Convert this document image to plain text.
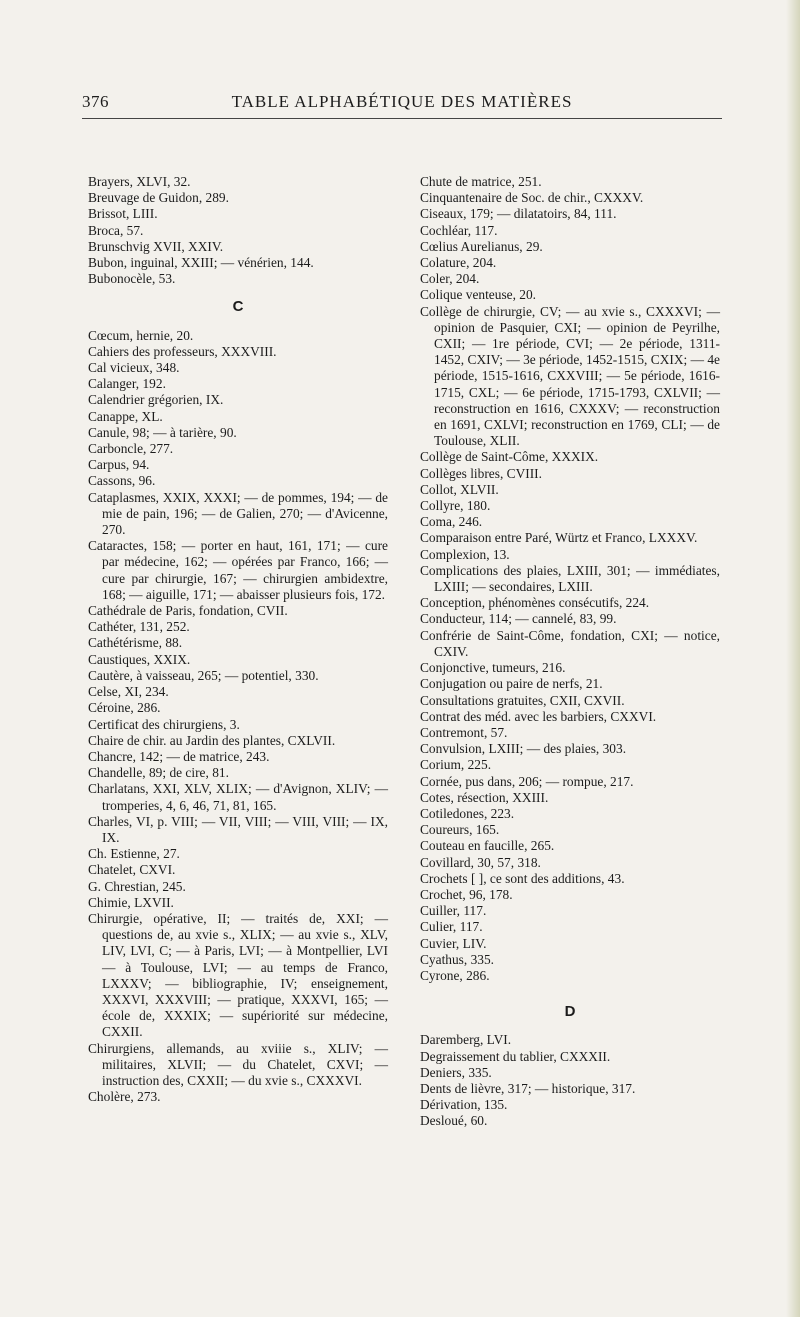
376	TABLE ALPHABÉTIQUE DES MATIÈRES
Brayers, XLVI, 32.
Breuvage de Guidon, 289.
Brissot, LIII.
Broca, 57.
Brunschvig XVII, XXIV.
Bubon, inguinal, XXIII; — vénérien, 144.
Bubonocèle, 53.
C
Cœcum, hernie, 20.
Cahiers des professeurs, XXXVIII.
Cal vicieux, 348.
Calanger, 192.
Calendrier grégorien, IX.
Canappe, XL.
Canule, 98; — à tarière, 90.
Carboncle, 277.
Carpus, 94.
Cassons, 96.
Cataplasmes, XXIX, XXXI; — de pommes, 194; — de mie de pain, 196; — de Galien, 270; — d'Avicenne, 270.
Cataractes, 158; — porter en haut, 161, 171; — cure par médecine, 162; — opérées par Franco, 166; — cure par chirurgie, 167; — chirurgien ambidextre, 168; — aiguille, 171; — abaisser plusieurs fois, 172.
Cathédrale de Paris, fondation, CVII.
Cathéter, 131, 252.
Cathétérisme, 88.
Caustiques, XXIX.
Cautère, à vaisseau, 265; — potentiel, 330.
Celse, XI, 234.
Céroine, 286.
Certificat des chirurgiens, 3.
Chaire de chir. au Jardin des plantes, CXLVII.
Chancre, 142; — de matrice, 243.
Chandelle, 89; de cire, 81.
Charlatans, XXI, XLV, XLIX; — d'Avignon, XLIV; — tromperies, 4, 6, 46, 71, 81, 165.
Charles, VI, p. VIII; — VII, VIII; — VIII, VIII; — IX, IX.
Ch. Estienne, 27.
Chatelet, CXVI.
G. Chrestian, 245.
Chimie, LXVII.
Chirurgie, opérative, II; — traités de, XXI; — questions de, au xvie s., XLIX; — au xvie s., XLV, LIV, LVI, C; — à Paris, LVI; — à Montpellier, LVI — à Toulouse, LVI; — au temps de Franco, LXXXV; — bibliographie, IV; enseignement, XXXVI, XXXVIII; — pratique, XXXVI, 165; — école de, XXXIX; — supériorité sur médecine, CXXII.
Chirurgiens, allemands, au xviiie s., XLIV; — militaires, XLVII; — du Chatelet, CXVI; — instruction des, CXXII; — du xvie s., CXXXVI.
Cholère, 273.
Chute de matrice, 251.
Cinquantenaire de Soc. de chir., CXXXV.
Ciseaux, 179; — dilatatoirs, 84, 111.
Cochléar, 117.
Cœlius Aurelianus, 29.
Colature, 204.
Coler, 204.
Colique venteuse, 20.
Collège de chirurgie, CV; — au xvie s., CXXXVI; — opinion de Pasquier, CXI; — opinion de Peyrilhe, CXII; — 1re période, CVI; — 2e période, 1311-1452, CXIV; — 3e période, 1452-1515, CXIX; — 4e période, 1515-1616, CXXVIII; — 5e période, 1616-1715, CXL; — 6e période, 1715-1793, CXLVII; — reconstruction en 1616, CXXXV; — reconstruction en 1691, CXLVI; reconstruction en 1769, CLI; — de Toulouse, XLII.
Collège de Saint-Côme, XXXIX.
Collèges libres, CVIII.
Collot, XLVII.
Collyre, 180.
Coma, 246.
Comparaison entre Paré, Würtz et Franco, LXXXV.
Complexion, 13.
Complications des plaies, LXIII, 301; — immédiates, LXIII; — secondaires, LXIII.
Conception, phénomènes consécutifs, 224.
Conducteur, 114; — cannelé, 83, 99.
Confrérie de Saint-Côme, fondation, CXI; — notice, CXIV.
Conjonctive, tumeurs, 216.
Conjugation ou paire de nerfs, 21.
Consultations gratuites, CXII, CXVII.
Contrat des méd. avec les barbiers, CXXVI.
Contremont, 57.
Convulsion, LXIII; — des plaies, 303.
Corium, 225.
Cornée, pus dans, 206; — rompue, 217.
Cotes, résection, XXIII.
Cotiledones, 223.
Coureurs, 165.
Couteau en faucille, 265.
Covillard, 30, 57, 318.
Crochets [ ], ce sont des additions, 43.
Crochet, 96, 178.
Cuiller, 117.
Culier, 117.
Cuvier, LIV.
Cyathus, 335.
Cyrone, 286.
D
Daremberg, LVI.
Degraissement du tablier, CXXXII.
Deniers, 335.
Dents de lièvre, 317; — historique, 317.
Dérivation, 135.
Desloué, 60.
